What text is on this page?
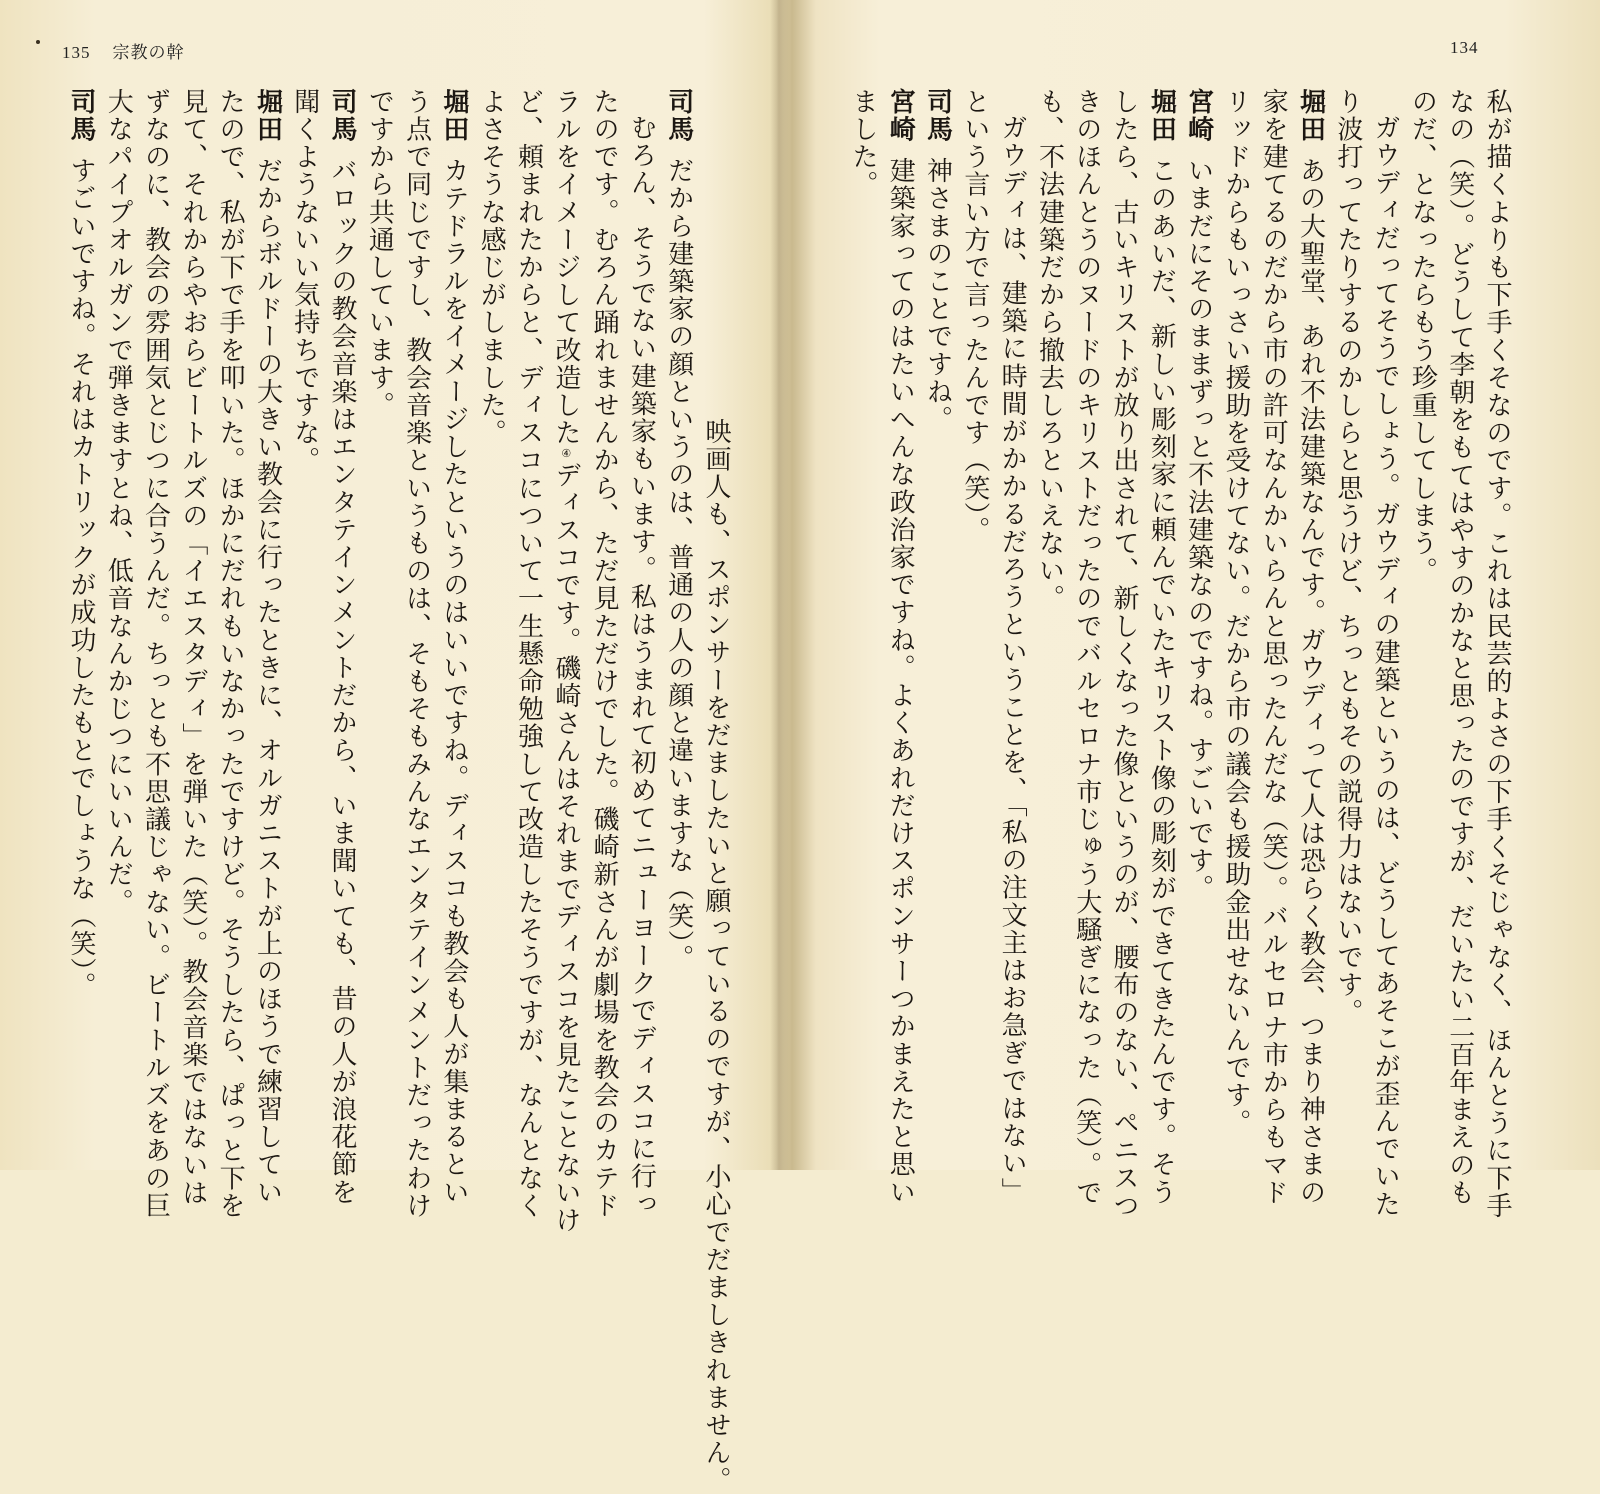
135 宗教の幹	134
映画人も、スポンサーをだましたいと願っているのですが、小心でだましきれません。
司馬だから建築家の顔というのは、普通の人の顔と違いますな（笑）。
むろん、そうでない建築家もいます。私はうまれて初めてニューヨークでディスコに行っ
たのです。むろん踊れませんから、ただ見ただけでした。磯崎新さんが劇場を教会のカテド
ラルをイメージして改造した④ディスコです。磯崎さんはそれまでディスコを見たことないけ
ど、頼まれたからと、ディスコについて一生懸命勉強して改造したそうですが、なんとなく
よさそうな感じがしました。
堀田カテドラルをイメージしたというのはいいですね。ディスコも教会も人が集まるとい
う点で同じですし、教会音楽というものは、そもそもみんなエンタテインメントだったわけ
ですから共通しています。
司馬バロックの教会音楽はエンタテインメントだから、いま聞いても、昔の人が浪花節を
聞くようないい気持ちですな。
堀田だからボルドーの大きい教会に行ったときに、オルガニストが上のほうで練習してい
たので、私が下で手を叩いた。ほかにだれもいなかったですけど。そうしたら、ぱっと下を
見て、それからやおらビートルズの「イエスタディ」を弾いた（笑）。教会音楽ではないは
ずなのに、教会の雰囲気とじつに合うんだ。ちっとも不思議じゃない。ビートルズをあの巨
大なパイプオルガンで弾きますとね、低音なんかじつにいいんだ。
司馬すごいですね。それはカトリックが成功したもとでしょうな（笑）。	私が描くよりも下手くそなのです。これは民芸的よさの下手くそじゃなく、ほんとうに下手
なの（笑）。どうして李朝をもてはやすのかなと思ったのですが、だいたい二百年まえのも
のだ、となったらもう珍重してしまう。
ガウディだってそうでしょう。ガウディの建築というのは、どうしてあそこが歪んでいた
り波打ってたりするのかしらと思うけど、ちっともその説得力はないです。
堀田あの大聖堂、あれ不法建築なんです。ガウディって人は恐らく教会、つまり神さまの
家を建てるのだから市の許可なんかいらんと思ったんだな（笑）。バルセロナ市からもマド
リッドからもいっさい援助を受けてない。だから市の議会も援助金出せないんです。
宮崎いまだにそのままずっと不法建築なのですね。すごいです。
堀田このあいだ、新しい彫刻家に頼んでいたキリスト像の彫刻ができてきたんです。そう
したら、古いキリストが放り出されて、新しくなった像というのが、腰布のない、ペニスつ
きのほんとうのヌードのキリストだったのでバルセロナ市じゅう大騒ぎになった（笑）。で
も、不法建築だから撤去しろといえない。
ガウディは、建築に時間がかかるだろうということを、「私の注文主はお急ぎではない」
という言い方で言ったんです（笑）。
司馬神さまのことですね。
宮崎建築家ってのはたいへんな政治家ですね。よくあれだけスポンサーつかまえたと思い
ました。
